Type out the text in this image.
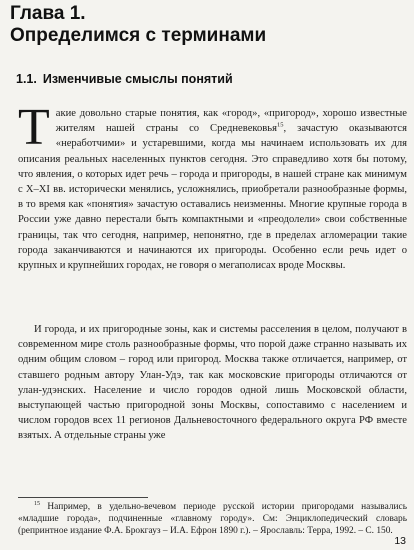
Глава 1.
Определимся с терминами
1.1. Изменчивые смыслы понятий

Такие довольно старые понятия, как «город», «пригород», хорошо известные жителям нашей страны со Средневековья$^{15}$, зачастую оказываются «неработчими» и устаревшими, когда мы начинаем использовать их для описания реальных населенных пунктов сегодня. Это справедливо хотя бы потому, что явления, о которых идет речь – города и пригороды, в нашей стране как минимум с X–XI вв. исторически менялись, усложнялись, приобретали разнообразные формы, в то время как «понятия» зачастую оставались неизменны. Многие крупные города в России уже давно перестали быть компактными и «преодолели» свои собственные границы, так что сегодня, например, непонятно, где в пределах агломерации такие города заканчиваются и начинаются их пригороды. Особенно если речь идет о крупных и крупнейших городах, не говоря о мегаполисах вроде Москвы.

И города, и их пригородные зоны, как и системы расселения в целом, получают в современном мире столь разнообразные формы, что порой даже странно называть их одним общим словом – город или пригород. Москва также отличается, например, от ставшего родным автору Улан-Удэ, так как московские пригороды отличаются от улан-удэнских. Население и число городов одной лишь Московской области, выступающей частью пригородной зоны Москвы, сопоставимо с населением и числом городов всех 11 регионов Дальневосточного федерального округа РФ вместе взятых. А отдельные страны уже

$^{15}$ Например, в удельно-вечевом периоде русской истории пригородами назывались «младшие города», подчиненные «главному городу». См: Энциклопедический словарь (репринтное издание Ф.А. Брокгауз – И.А. Ефрон 1890 г.). – Ярославль: Терра, 1992. – С. 150.

13
